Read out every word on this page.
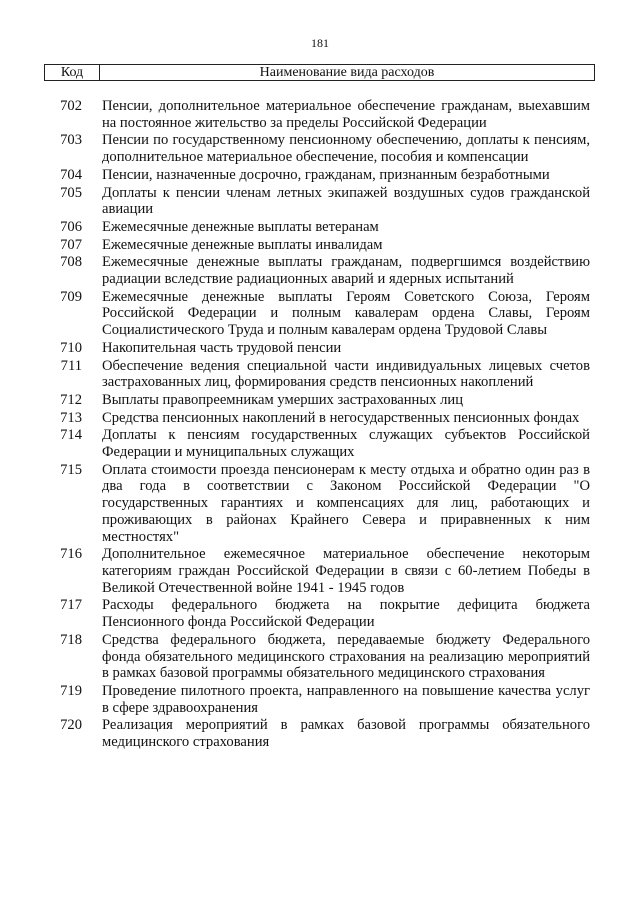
181
Код	Наименование вида расходов
702 Пенсии, дополнительное материальное обеспечение гражданам, выехавшим на постоянное жительство за пределы Российской Федерации
703 Пенсии по государственному пенсионному обеспечению, доплаты к пенсиям, дополнительное материальное обеспечение, пособия и компенсации
704 Пенсии, назначенные досрочно, гражданам, признанным безработными
705 Доплаты к пенсии членам летных экипажей воздушных судов гражданской авиации
706 Ежемесячные денежные выплаты ветеранам
707 Ежемесячные денежные выплаты инвалидам
708 Ежемесячные денежные выплаты гражданам, подвергшимся воздействию радиации вследствие радиационных аварий и ядерных испытаний
709 Ежемесячные денежные выплаты Героям Советского Союза, Героям Российской Федерации и полным кавалерам ордена Славы, Героям Социалистического Труда и полным кавалерам ордена Трудовой Славы
710 Накопительная часть трудовой пенсии
711 Обеспечение ведения специальной части индивидуальных лицевых счетов застрахованных лиц, формирования средств пенсионных накоплений
712 Выплаты правопреемникам умерших застрахованных лиц
713 Средства пенсионных накоплений в негосударственных пенсионных фондах
714 Доплаты к пенсиям государственных служащих субъектов Российской Федерации и муниципальных служащих
715 Оплата стоимости проезда пенсионерам к месту отдыха и обратно один раз в два года в соответствии с Законом Российской Федерации "О государственных гарантиях и компенсациях для лиц, работающих и проживающих в районах Крайнего Севера и приравненных к ним местностях"
716 Дополнительное ежемесячное материальное обеспечение некоторым категориям граждан Российской Федерации в связи с 60-летием Победы в Великой Отечественной войне 1941 - 1945 годов
717 Расходы федерального бюджета на покрытие дефицита бюджета Пенсионного фонда Российской Федерации
718 Средства федерального бюджета, передаваемые бюджету Федерального фонда обязательного медицинского страхования на реализацию мероприятий в рамках базовой программы обязательного медицинского страхования
719 Проведение пилотного проекта, направленного на повышение качества услуг в сфере здравоохранения
720 Реализация мероприятий в рамках базовой программы обязательного медицинского страхования
